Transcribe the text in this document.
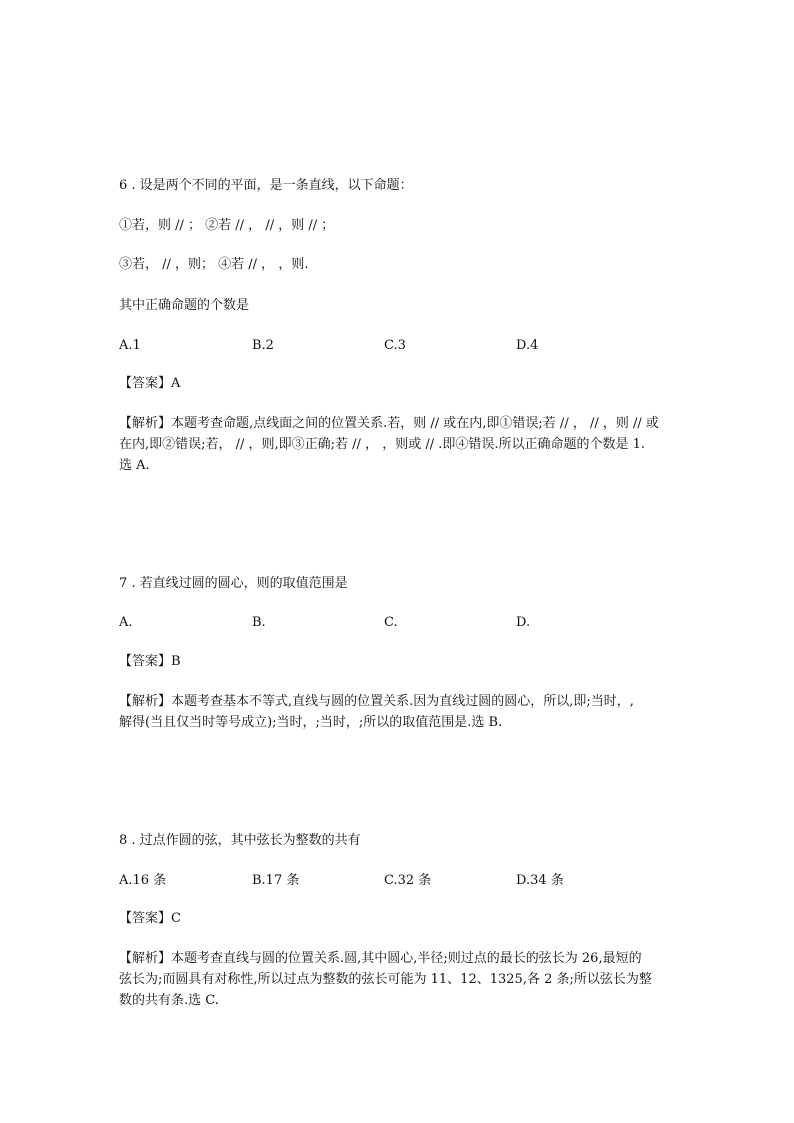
6 . 设是两个不同的平面，是一条直线，以下命题：
①若，则 // ； ②若 // ， // ，则 // ；
③若， // ，则； ④若 // ， ，则.
其中正确命题的个数是
A.1	B.2	C.3	D.4
【答案】A

【解析】本题考查命题,点线面之间的位置关系.若，则 // 或在内,即①错误;若 // ， // ，则 // 或

在内,即②错误;若， // ，则,即③正确;若 // ， ，则或 // .即④错误.所以正确命题的个数是 1.

选 A.

7 . 若直线过圆的圆心，则的取值范围是
A.	B.	C.	D.
【答案】B

【解析】本题考查基本不等式,直线与圆的位置关系.因为直线过圆的圆心，所以,即;当时，,

解得(当且仅当时等号成立);当时，;当时，;所以的取值范围是.选 B.

8 . 过点作圆的弦，其中弦长为整数的共有
A.16 条	B.17 条	C.32 条	D.34 条
【答案】C

【解析】本题考查直线与圆的位置关系.圆,其中圆心,半径;则过点的最长的弦长为 26,最短的

弦长为;而圆具有对称性,所以过点为整数的弦长可能为 11、12、1325,各 2 条;所以弦长为整

数的共有条.选 C.
